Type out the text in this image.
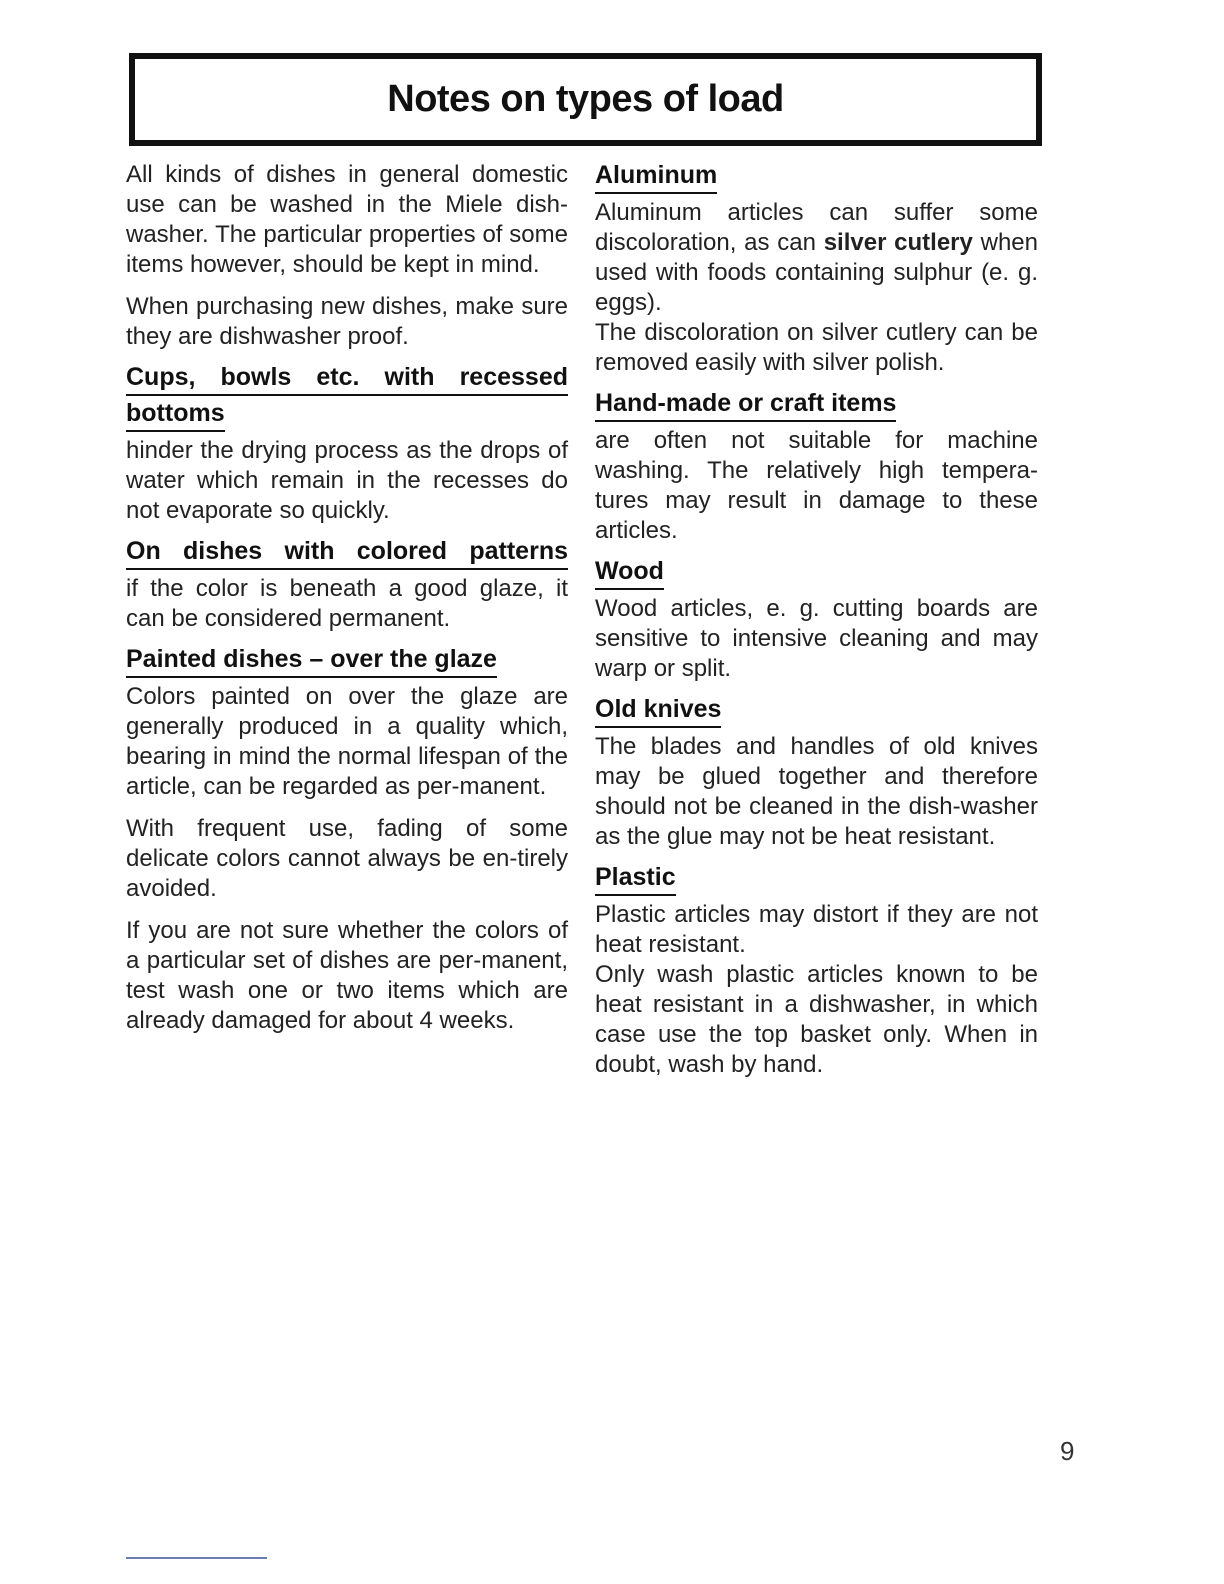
Notes on types of load

All kinds of dishes in general domestic use can be washed in the Miele dish-washer. The particular properties of some items however, should be kept in mind.

When purchasing new dishes, make sure they are dishwasher proof.

Cups, bowls etc. with recessed
bottoms

hinder the drying process as the drops of water which remain in the recesses do not evaporate so quickly.

On dishes with colored patterns

if the color is beneath a good glaze, it can be considered permanent.

Painted dishes – over the glaze

Colors painted on over the glaze are generally produced in a quality which, bearing in mind the normal lifespan of the article, can be regarded as per-manent.

With frequent use, fading of some delicate colors cannot always be en-tirely avoided.

If you are not sure whether the colors of a particular set of dishes are per-manent, test wash one or two items which are already damaged for about 4 weeks.

Aluminum

Aluminum articles can suffer some discoloration, as can silver cutlery when used with foods containing sulphur (e. g. eggs).

The discoloration on silver cutlery can be removed easily with silver polish.

Hand-made or craft items

are often not suitable for machine washing. The relatively high tempera-tures may result in damage to these articles.

Wood

Wood articles, e. g. cutting boards are sensitive to intensive cleaning and may warp or split.

Old knives

The blades and handles of old knives may be glued together and therefore should not be cleaned in the dish-washer as the glue may not be heat resistant.

Plastic

Plastic articles may distort if they are not heat resistant.

Only wash plastic articles known to be heat resistant in a dishwasher, in which case use the top basket only. When in doubt, wash by hand.

9
